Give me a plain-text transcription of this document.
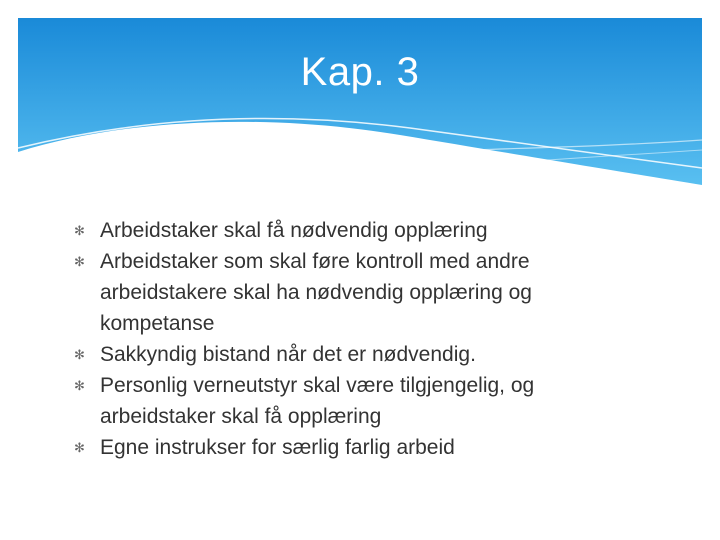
Kap. 3
✻ Arbeidstaker skal få nødvendig opplæring
✻ Arbeidstaker som skal føre kontroll med andre arbeidstakere skal ha nødvendig opplæring og kompetanse
✻ Sakkyndig bistand når det er nødvendig.
✻ Personlig verneutstyr skal være tilgjengelig, og arbeidstaker skal få opplæring
✻ Egne instrukser for særlig farlig arbeid
